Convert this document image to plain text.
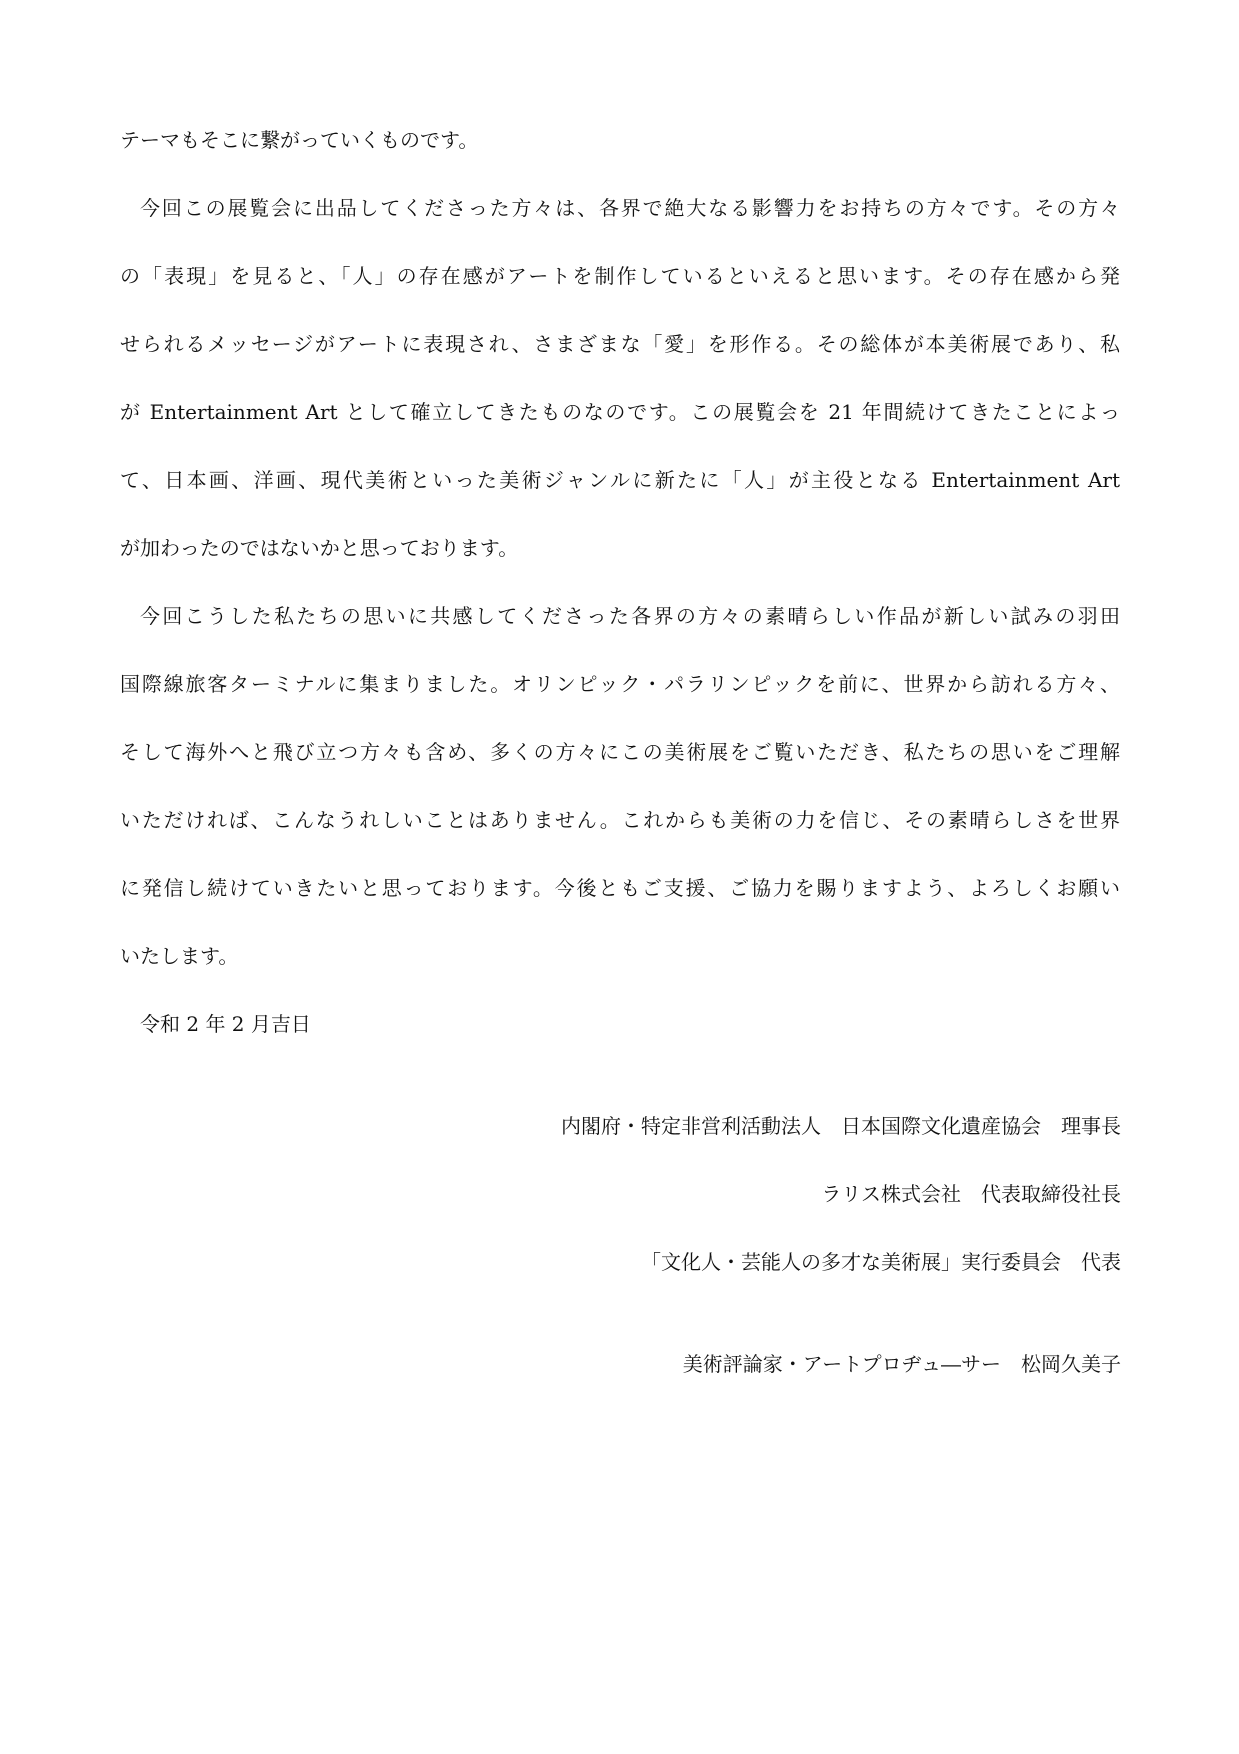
テーマもそこに繋がっていくものです。
今回この展覧会に出品してくださった方々は、各界で絶大なる影響力をお持ちの方々です。その方々
の「表現」を見ると、「人」の存在感がアートを制作しているといえると思います。その存在感から発
せられるメッセージがアートに表現され、さまざまな「愛」を形作る。その総体が本美術展であり、私
が Entertainment Art として確立してきたものなのです。この展覧会を 21 年間続けてきたことによっ
て、日本画、洋画、現代美術といった美術ジャンルに新たに「人」が主役となる Entertainment Art
が加わったのではないかと思っております。
今回こうした私たちの思いに共感してくださった各界の方々の素晴らしい作品が新しい試みの羽田
国際線旅客ターミナルに集まりました。オリンピック・パラリンピックを前に、世界から訪れる方々、
そして海外へと飛び立つ方々も含め、多くの方々にこの美術展をご覧いただき、私たちの思いをご理解
いただければ、こんなうれしいことはありません。これからも美術の力を信じ、その素晴らしさを世界
に発信し続けていきたいと思っております。今後ともご支援、ご協力を賜りますよう、よろしくお願い
いたします。
令和 2 年 2 月吉日
内閣府・特定非営利活動法人　日本国際文化遺産協会　理事長
ラリス株式会社　代表取締役社長
「文化人・芸能人の多才な美術展」実行委員会　代表
美術評論家・アートプロヂュ―サー　松岡久美子
